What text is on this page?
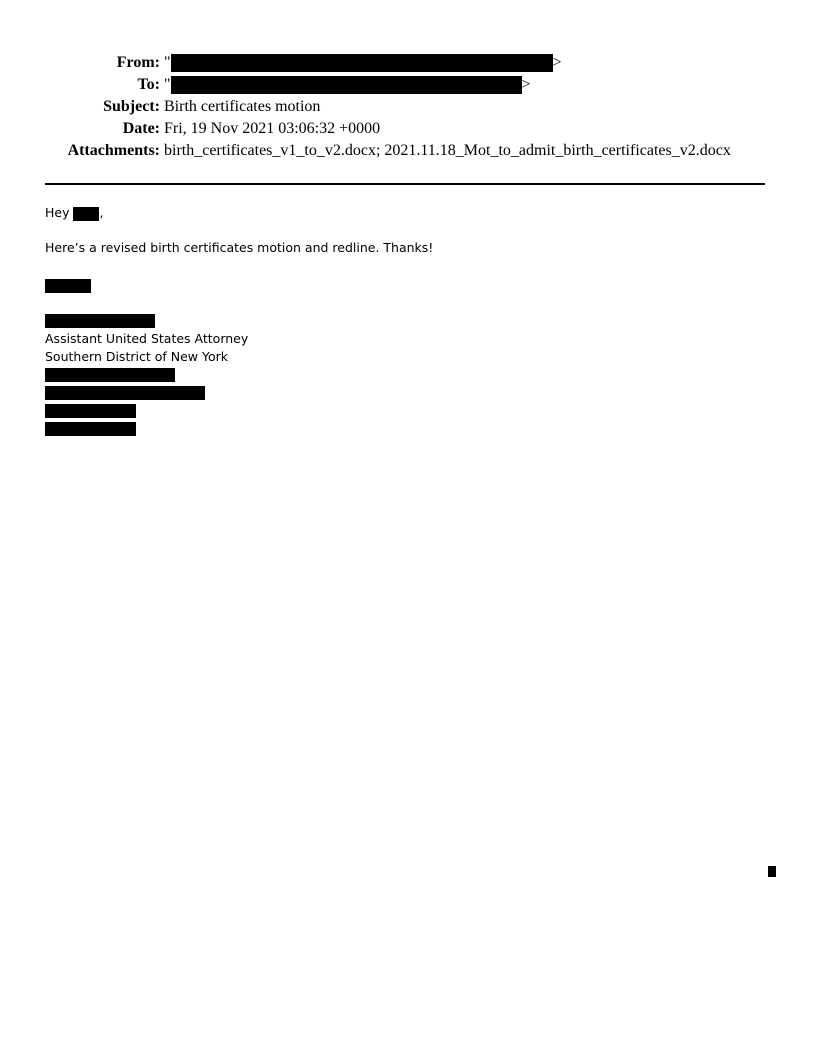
From: "	>
To: "	>
Subject: Birth certificates motion
Date: Fri, 19 Nov 2021 03:06:32 +0000
Attachments: birth_certificates_v1_to_v2.docx; 2021.11.18_Mot_to_admit_birth_certificates_v2.docx
Hey ,
Here’s a revised birth certificates motion and redline. Thanks!
Assistant United States Attorney
Southern District of New York
